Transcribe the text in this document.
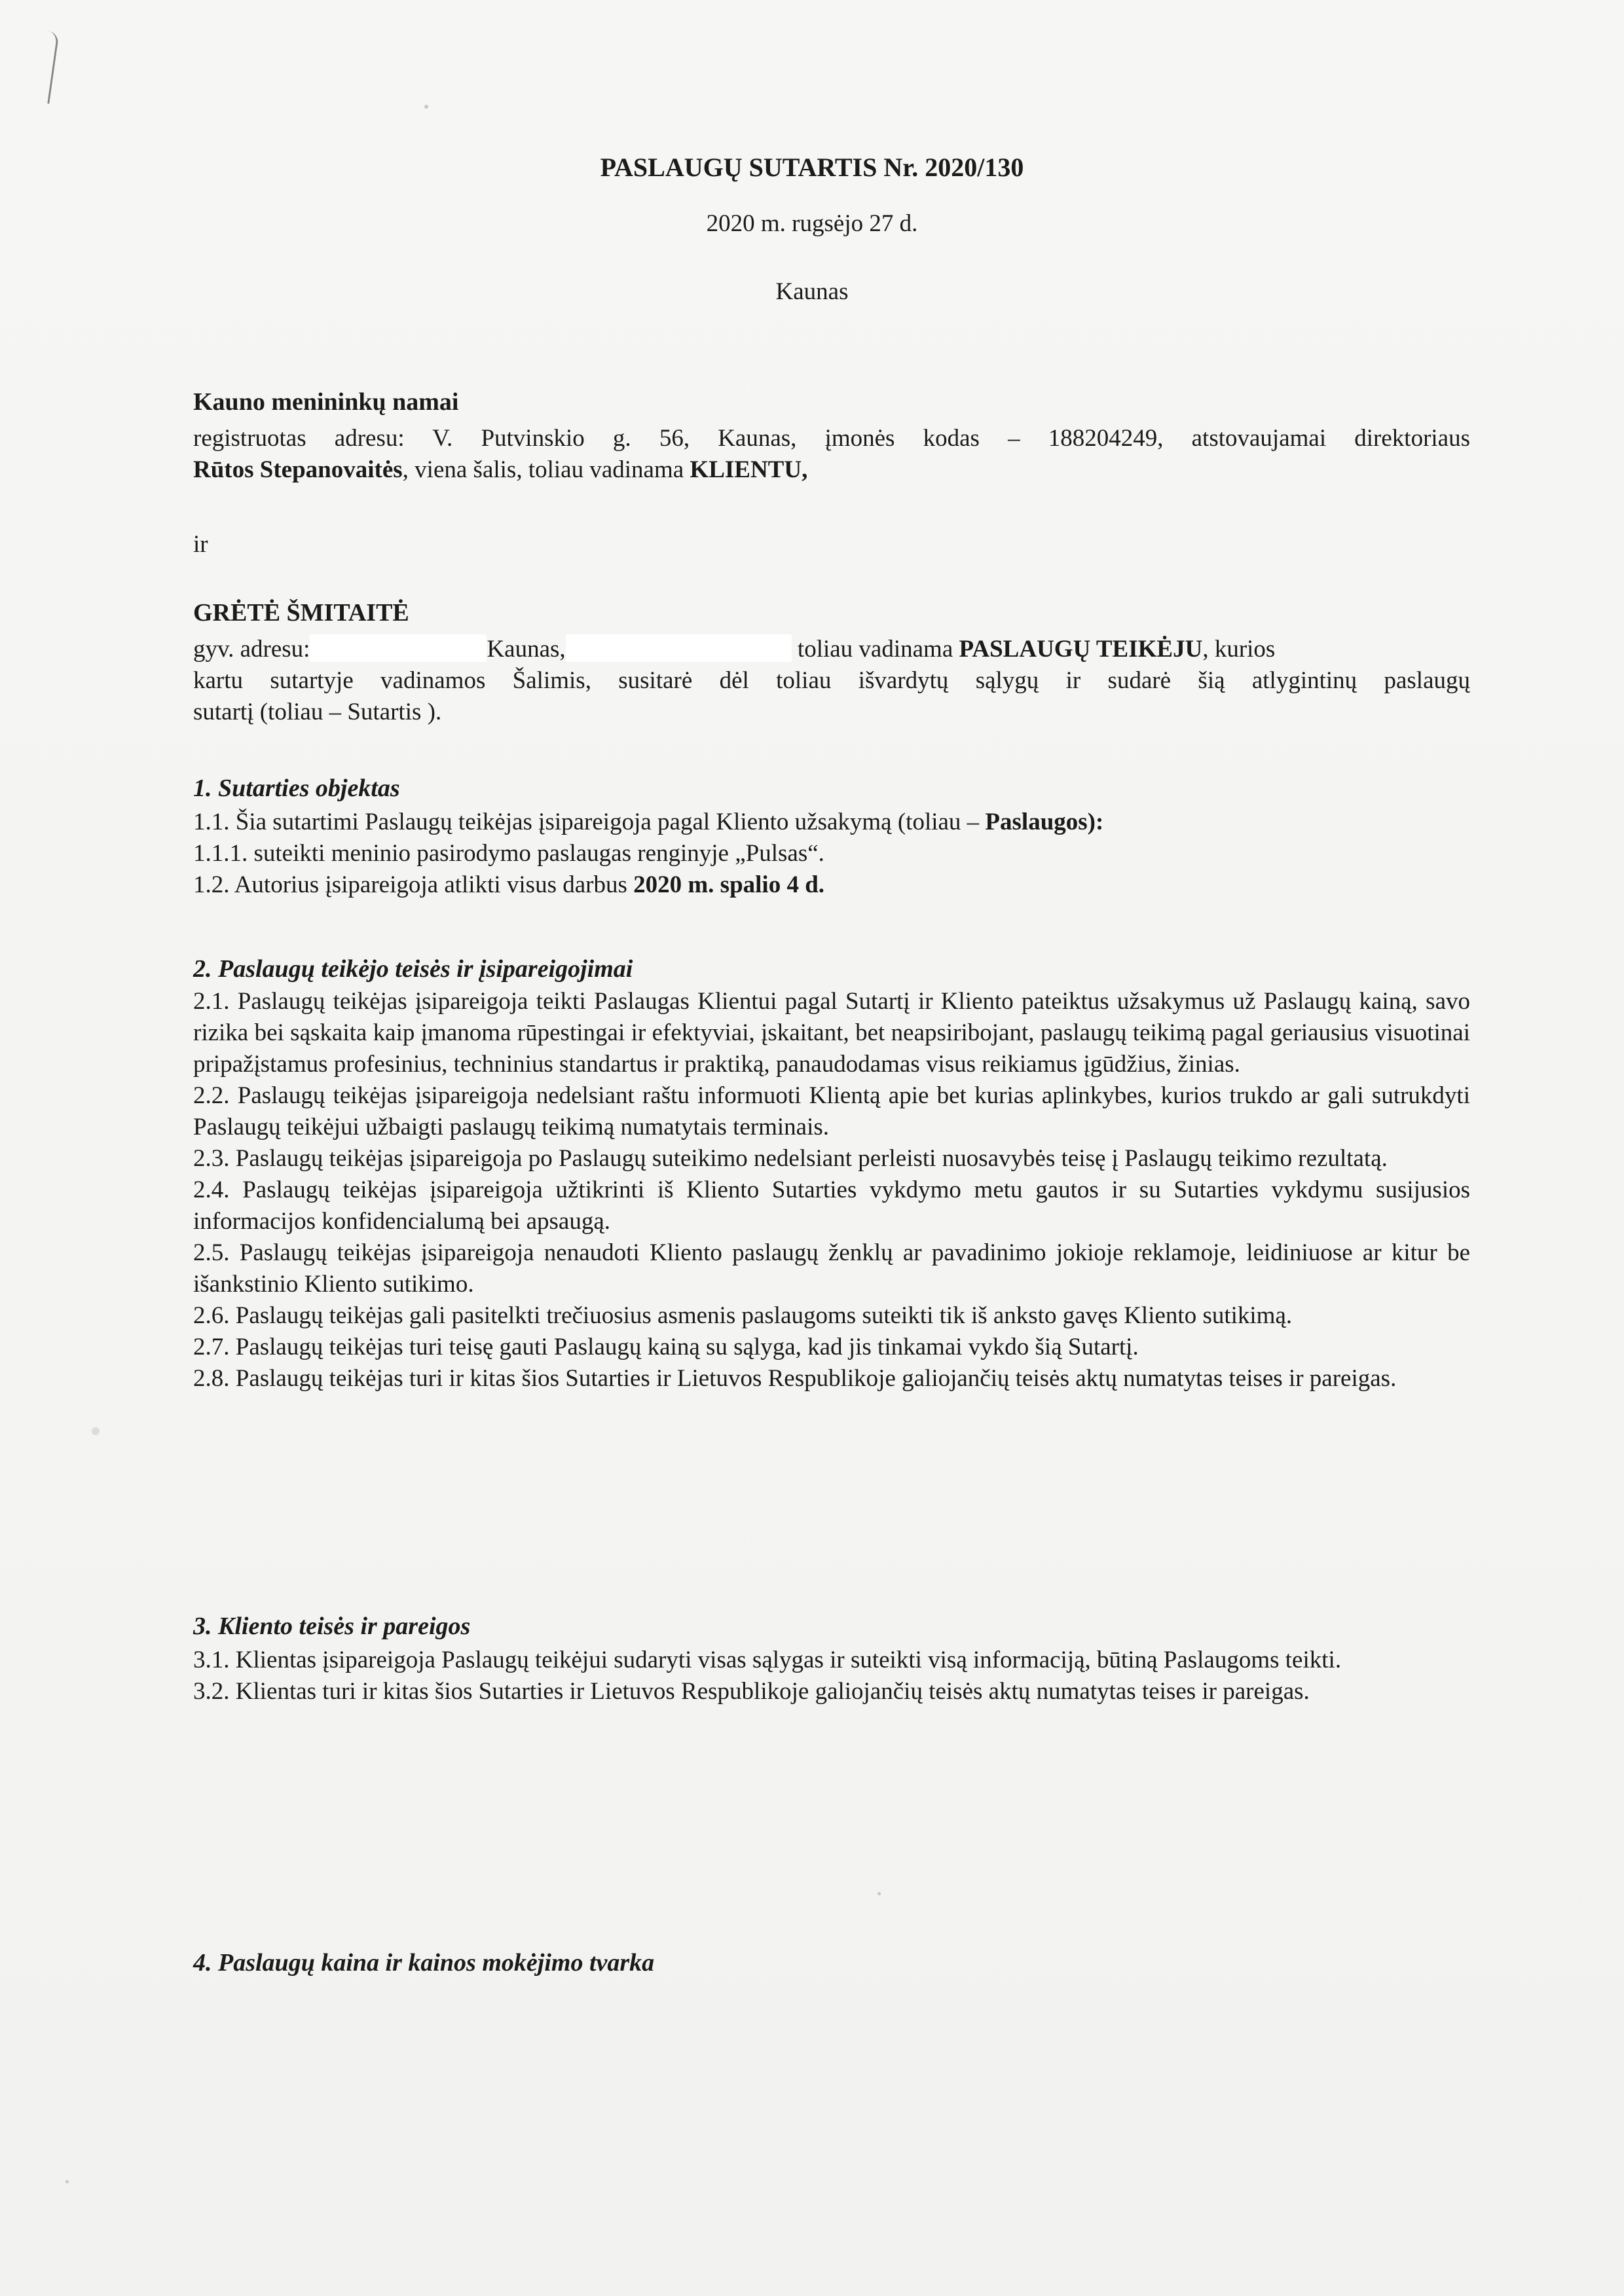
PASLAUGŲ SUTARTIS Nr. 2020/130
2020 m. rugsėjo 27 d.
Kaunas
Kauno menininkų namai
registruotas adresu: V. Putvinskio g. 56, Kaunas, įmonės kodas – 188204249, atstovaujamai direktoriaus
Rūtos Stepanovaitės, viena šalis, toliau vadinama KLIENTU,
ir
GRĖTĖ ŠMITAITĖ
gyv. adresu:	Kaunas,	toliau vadinama PASLAUGŲ TEIKĖJU, kurios
kartu sutartyje vadinamos Šalimis, susitarė dėl toliau išvardytų sąlygų ir sudarė šią atlygintinų paslaugų
sutartį (toliau – Sutartis ).
1. Sutarties objektas
1.1. Šia sutartimi Paslaugų teikėjas įsipareigoja pagal Kliento užsakymą (toliau – Paslaugos):
1.1.1. suteikti meninio pasirodymo paslaugas renginyje „Pulsas“.
1.2. Autorius įsipareigoja atlikti visus darbus 2020 m. spalio 4 d.
2. Paslaugų teikėjo teisės ir įsipareigojimai
2.1. Paslaugų teikėjas įsipareigoja teikti Paslaugas Klientui pagal Sutartį ir Kliento pateiktus užsakymus už Paslaugų kainą, savo rizika bei sąskaita kaip įmanoma rūpestingai ir efektyviai, įskaitant, bet neapsiribojant, paslaugų teikimą pagal geriausius visuotinai pripažįstamus profesinius, techninius standartus ir praktiką, panaudodamas visus reikiamus įgūdžius, žinias.
2.2. Paslaugų teikėjas įsipareigoja nedelsiant raštu informuoti Klientą apie bet kurias aplinkybes, kurios trukdo ar gali sutrukdyti Paslaugų teikėjui užbaigti paslaugų teikimą numatytais terminais.
2.3. Paslaugų teikėjas įsipareigoja po Paslaugų suteikimo nedelsiant perleisti nuosavybės teisę į Paslaugų teikimo rezultatą.
2.4. Paslaugų teikėjas įsipareigoja užtikrinti iš Kliento Sutarties vykdymo metu gautos ir su Sutarties vykdymu susijusios informacijos konfidencialumą bei apsaugą.
2.5. Paslaugų teikėjas įsipareigoja nenaudoti Kliento paslaugų ženklų ar pavadinimo jokioje reklamoje, leidiniuose ar kitur be išankstinio Kliento sutikimo.
2.6. Paslaugų teikėjas gali pasitelkti trečiuosius asmenis paslaugoms suteikti tik iš anksto gavęs Kliento sutikimą.
2.7. Paslaugų teikėjas turi teisę gauti Paslaugų kainą su sąlyga, kad jis tinkamai vykdo šią Sutartį.
2.8. Paslaugų teikėjas turi ir kitas šios Sutarties ir Lietuvos Respublikoje galiojančių teisės aktų numatytas teises ir pareigas.
3. Kliento teisės ir pareigos
3.1. Klientas įsipareigoja Paslaugų teikėjui sudaryti visas sąlygas ir suteikti visą informaciją, būtiną Paslaugoms teikti.
3.2. Klientas turi ir kitas šios Sutarties ir Lietuvos Respublikoje galiojančių teisės aktų numatytas teises ir pareigas.
4. Paslaugų kaina ir kainos mokėjimo tvarka
